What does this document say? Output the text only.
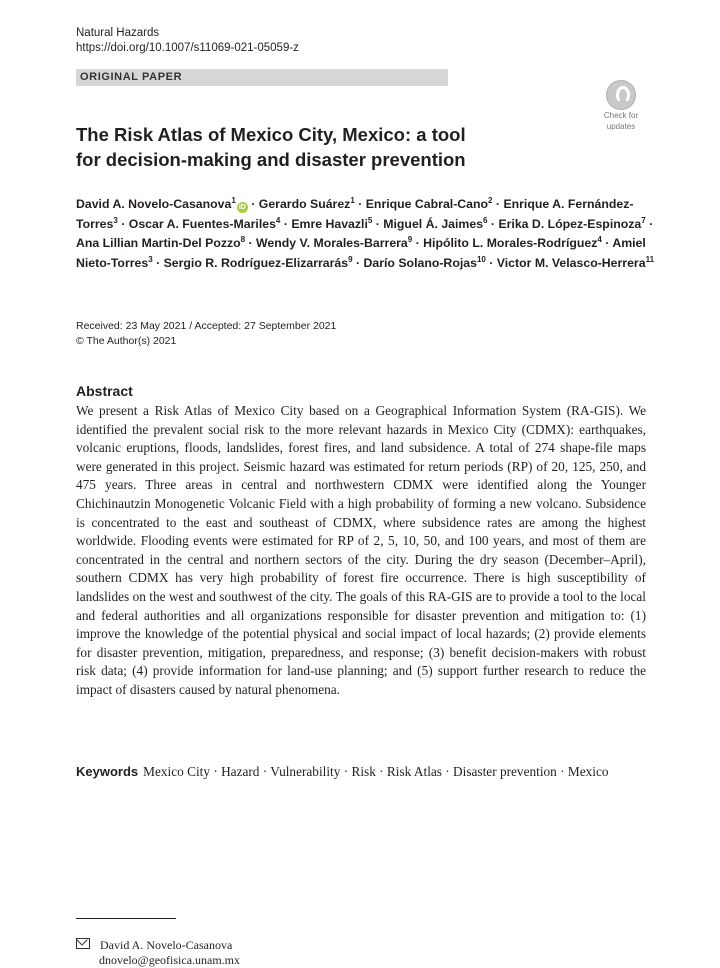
Natural Hazards
https://doi.org/10.1007/s11069-021-05059-z
ORIGINAL PAPER
Check for
updates
The Risk Atlas of Mexico City, Mexico: a tool
for decision-making and disaster prevention
David A. Novelo-Casanova$^1$iD · Gerardo Suárez$^1$ · Enrique Cabral-Cano$^2$ · Enrique A. Fernández-Torres$^3$ · Oscar A. Fuentes-Mariles$^4$ · Emre Havazli$^5$ · Miguel Á. Jaimes$^6$ · Erika D. López-Espinoza$^7$ · Ana Lillian Martin-Del Pozzo$^8$ · Wendy V. Morales-Barrera$^9$ · Hipólito L. Morales-Rodríguez$^4$ · Amiel Nieto-Torres$^3$ · Sergio R. Rodríguez-Elizarrarás$^9$ · Darío Solano-Rojas$^{10}$ · Victor M. Velasco-Herrera$^{11}$
Received: 23 May 2021 / Accepted: 27 September 2021
© The Author(s) 2021
Abstract

We present a Risk Atlas of Mexico City based on a Geographical Information System (RA-GIS). We identified the prevalent social risk to the more relevant hazards in Mexico City (CDMX): earthquakes, volcanic eruptions, floods, landslides, forest fires, and land subsidence. A total of 274 shape-file maps were generated in this project. Seismic hazard was estimated for return periods (RP) of 20, 125, 250, and 475 years. Three areas in central and northwestern CDMX were identified along the Younger Chichinautzin Monogenetic Volcanic Field with a high probability of forming a new volcano. Subsidence is concentrated to the east and southeast of CDMX, where subsidence rates are among the highest worldwide. Flooding events were estimated for RP of 2, 5, 10, 50, and 100 years, and most of them are concentrated in the central and northern sectors of the city. During the dry season (December–April), southern CDMX has very high probability of forest fire occurrence. There is high susceptibility of landslides on the west and southwest of the city. The goals of this RA-GIS are to provide a tool to the local and federal authorities and all organizations responsible for disaster prevention and mitigation to: (1) improve the knowledge of the potential physical and social impact of local hazards; (2) provide elements for disaster prevention, mitigation, preparedness, and response; (3) benefit decision-makers with robust risk data; (4) provide information for land-use planning; and (5) support further research to reduce the impact of disasters caused by natural phenomena.

Keywords Mexico City · Hazard · Vulnerability · Risk · Risk Atlas · Disaster prevention · Mexico
David A. Novelo-Casanova
dnovelo@geofisica.unam.mx
